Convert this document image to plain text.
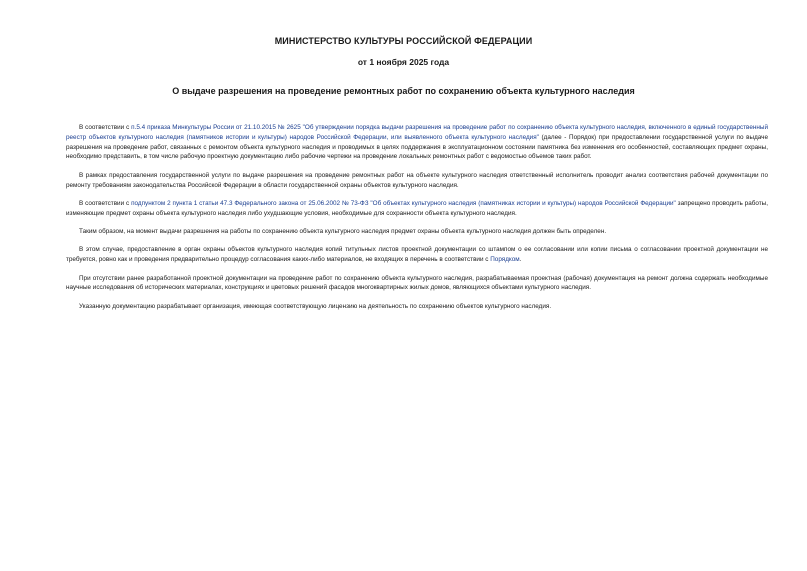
МИНИСТЕРСТВО КУЛЬТУРЫ РОССИЙСКОЙ ФЕДЕРАЦИИ
от 1 ноября 2025 года
О выдаче разрешения на проведение ремонтных работ по сохранению объекта культурного наследия

В соответствии с п.5.4 приказа Минкультуры России от 21.10.2015 № 2625 "Об утверждении порядка выдачи разрешения на проведение работ по сохранению объекта культурного наследия, включенного в единый государственный реестр объектов культурного наследия (памятников истории и культуры) народов Российской Федерации, или выявленного объекта культурного наследия" (далее - Порядок) при предоставлении государственной услуги по выдаче разрешения на проведение работ, связанных с ремонтом объекта культурного наследия и проводимых в целях поддержания в эксплуатационном состоянии памятника без изменения его особенностей, составляющих предмет охраны, необходимо представить, в том числе рабочую проектную документацию либо рабочие чертежи на проведение локальных ремонтных работ с ведомостью объемов таких работ.

В рамках предоставления государственной услуги по выдаче разрешения на проведение ремонтных работ на объекте культурного наследия ответственный исполнитель проводит анализ соответствия рабочей документации по ремонту требованиям законодательства Российской Федерации в области государственной охраны объектов культурного наследия.

В соответствии с подпунктом 2 пункта 1 статьи 47.3 Федерального закона от 25.06.2002 № 73-ФЗ "Об объектах культурного наследия (памятниках истории и культуры) народов Российской Федерации" запрещено проводить работы, изменяющие предмет охраны объекта культурного наследия либо ухудшающие условия, необходимые для сохранности объекта культурного наследия.

Таким образом, на момент выдачи разрешения на работы по сохранению объекта культурного наследия предмет охраны объекта культурного наследия должен быть определен.

В этом случае, предоставление в орган охраны объектов культурного наследия копий титульных листов проектной документации со штампом о ее согласовании или копии письма о согласовании проектной документации не требуется, ровно как и проведения предварительно процедур согласования каких-либо материалов, не входящих в перечень в соответствии с Порядком.

При отсутствии ранее разработанной проектной документации на проведение работ по сохранению объекта культурного наследия, разрабатываемая проектная (рабочая) документация на ремонт должна содержать необходимые научные исследования об исторических материалах, конструкциях и цветовых решений фасадов многоквартирных жилых домов, являющихся объектами культурного наследия.

Указанную документацию разрабатывает организация, имеющая соответствующую лицензию на деятельность по сохранению объектов культурного наследия.
